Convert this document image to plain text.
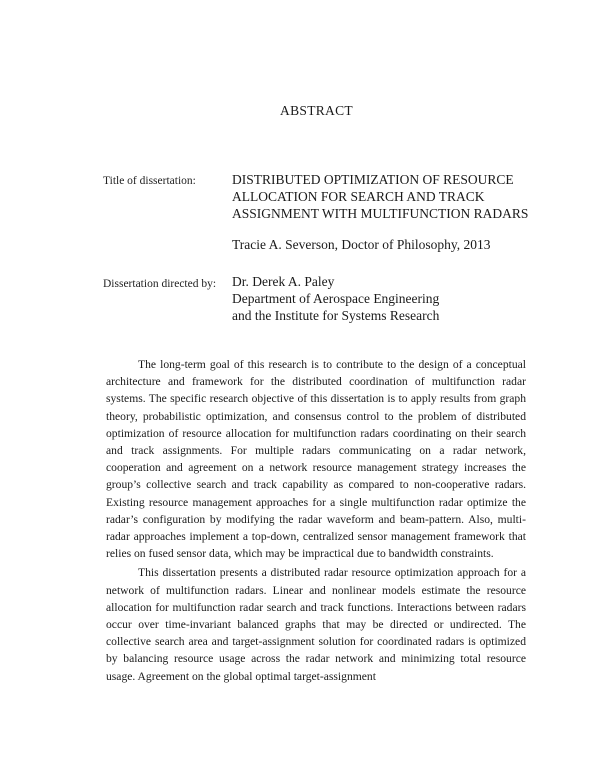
ABSTRACT
Title of dissertation:	DISTRIBUTED OPTIMIZATION OF RESOURCE
ALLOCATION FOR SEARCH AND TRACK
ASSIGNMENT WITH MULTIFUNCTION RADARS
Tracie A. Severson, Doctor of Philosophy, 2013
Dissertation directed by: Dr. Derek A. Paley
Department of Aerospace Engineering
and the Institute for Systems Research

The long-term goal of this research is to contribute to the design of a conceptual architecture and framework for the distributed coordination of multifunction radar systems. The specific research objective of this dissertation is to apply results from graph theory, probabilistic optimization, and consensus control to the problem of distributed optimization of resource allocation for multifunction radars coordinating on their search and track assignments. For multiple radars communicating on a radar network, cooperation and agreement on a network resource management strategy increases the group’s collective search and track capability as compared to non-cooperative radars. Existing resource management approaches for a single multifunction radar optimize the radar’s configuration by modifying the radar waveform and beam-pattern. Also, multi-radar approaches implement a top-down, centralized sensor management framework that relies on fused sensor data, which may be impractical due to bandwidth constraints.

This dissertation presents a distributed radar resource optimization approach for a network of multifunction radars. Linear and nonlinear models estimate the resource allocation for multifunction radar search and track functions. Interactions between radars occur over time-invariant balanced graphs that may be directed or undirected. The collective search area and target-assignment solution for coordinated radars is optimized by balancing resource usage across the radar network and minimizing total resource usage. Agreement on the global optimal target-assignment
